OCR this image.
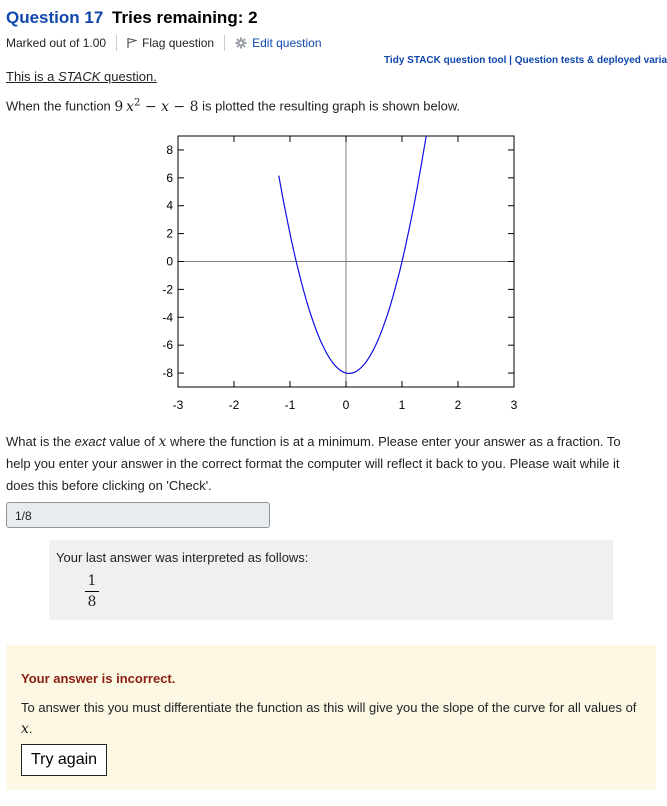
Question 17 Tries remaining: 2
Marked out of 1.00	Flag question	Edit question
Tidy STACK question tool | Question tests & deployed varia
This is a STACK question.
When the function 9  $x^2 - x - 8$ is plotted the resulting graph is shown below.
-3	-2	-1	0	1	2	3
-8
-6
-4
-2
0
2
4
6
8
What is the exact value of x where the function is at a minimum. Please enter your answer as a fraction. To help you enter your answer in the correct format the computer will reflect it back to you. Please wait while it does this before clicking on 'Check'.
1/8
Your last answer was interpreted as follows:
1
8
Your answer is incorrect.
To answer this you must differentiate the function as this will give you the slope of the curve for all values of x.
Try again
